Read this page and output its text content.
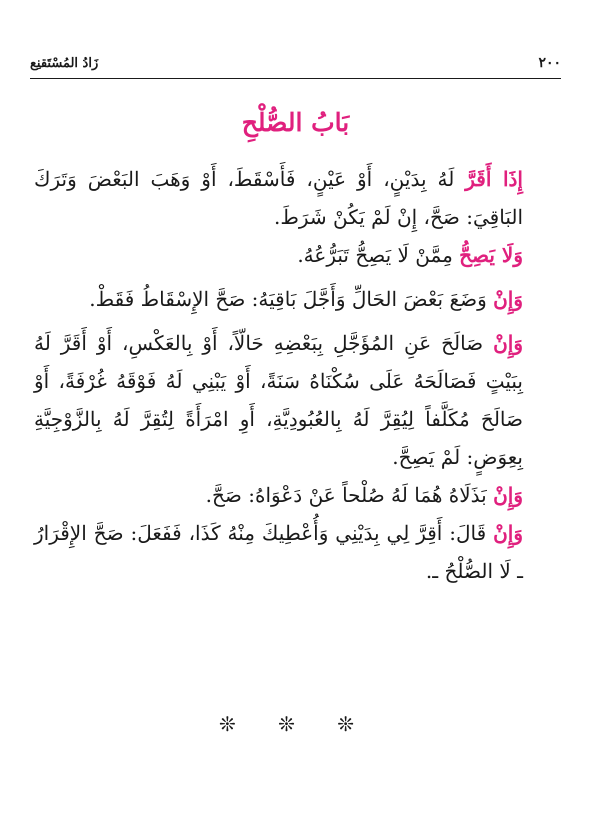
زَادُ المُسْتَقنِع	٢٠٠
بَابُ الصُّلْحِ

إِذَا أَقَرَّ لَهُ بِدَيْنٍ، أَوْ عَيْنٍ، فَأَسْقَطَ، أَوْ وَهَبَ البَعْضَ وَتَرَكَ البَاقِيَ: صَحَّ، إِنْ لَمْ يَكُنْ شَرَطَ.

وَلَا يَصِحُّ مِمَّنْ لَا يَصِحُّ تَبَرُّعُهُ.

وَإِنْ وَضَعَ بَعْضَ الحَالِّ وَأَجَّلَ بَاقِيَهُ: صَحَّ الإِسْقَاطُ فَقَطْ.

وَإِنْ صَالَحَ عَنِ المُؤَجَّلِ بِبَعْضِهِ حَالّاً، أَوْ بِالعَكْسِ، أَوْ أَقَرَّ لَهُ بِبَيْتٍ فَصَالَحَهُ عَلَى سُكْنَاهُ سَنَةً، أَوْ يَبْنِي لَهُ فَوْقَهُ غُرْفَةً، أَوْ صَالَحَ مُكَلَّفاً لِيُقِرَّ لَهُ بِالعُبُودِيَّةِ، أَوِ امْرَأَةً لِتُقِرَّ لَهُ بِالزَّوْجِيَّةِ بِعِوَضٍ: لَمْ يَصِحَّ.

وَإِنْ بَذَلَاهُ هُمَا لَهُ صُلْحاً عَنْ دَعْوَاهُ: صَحَّ.

وَإِنْ قَالَ: أَقِرَّ لِي بِدَيْنِي وَأُعْطِيكَ مِنْهُ كَذَا، فَفَعَلَ: صَحَّ الإِقْرَارُ ـ لَا الصُّلْحُ ـ.

❊ ❊ ❊
